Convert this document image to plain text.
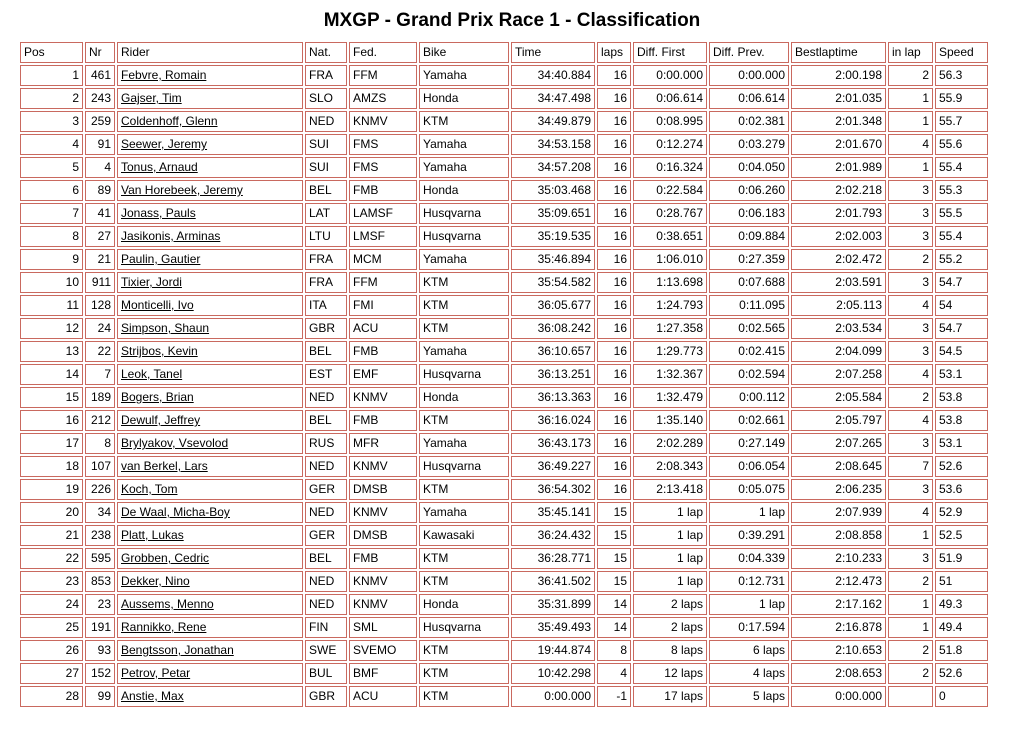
MXGP - Grand Prix Race 1 - Classification
Pos	Nr	Rider	Nat.	Fed.	Bike	Time	laps	Diff. First	Diff. Prev.	Bestlaptime	in lap	Speed
1	461	Febvre, Romain	FRA	FFM	Yamaha	34:40.884	16	0:00.000	0:00.000	2:00.198	2	56.3
2	243	Gajser, Tim	SLO	AMZS	Honda	34:47.498	16	0:06.614	0:06.614	2:01.035	1	55.9
3	259	Coldenhoff, Glenn	NED	KNMV	KTM	34:49.879	16	0:08.995	0:02.381	2:01.348	1	55.7
4	91	Seewer, Jeremy	SUI	FMS	Yamaha	34:53.158	16	0:12.274	0:03.279	2:01.670	4	55.6
5	4	Tonus, Arnaud	SUI	FMS	Yamaha	34:57.208	16	0:16.324	0:04.050	2:01.989	1	55.4
6	89	Van Horebeek, Jeremy	BEL	FMB	Honda	35:03.468	16	0:22.584	0:06.260	2:02.218	3	55.3
7	41	Jonass, Pauls	LAT	LAMSF	Husqvarna	35:09.651	16	0:28.767	0:06.183	2:01.793	3	55.5
8	27	Jasikonis, Arminas	LTU	LMSF	Husqvarna	35:19.535	16	0:38.651	0:09.884	2:02.003	3	55.4
9	21	Paulin, Gautier	FRA	MCM	Yamaha	35:46.894	16	1:06.010	0:27.359	2:02.472	2	55.2
10	911	Tixier, Jordi	FRA	FFM	KTM	35:54.582	16	1:13.698	0:07.688	2:03.591	3	54.7
11	128	Monticelli, Ivo	ITA	FMI	KTM	36:05.677	16	1:24.793	0:11.095	2:05.113	4	54
12	24	Simpson, Shaun	GBR	ACU	KTM	36:08.242	16	1:27.358	0:02.565	2:03.534	3	54.7
13	22	Strijbos, Kevin	BEL	FMB	Yamaha	36:10.657	16	1:29.773	0:02.415	2:04.099	3	54.5
14	7	Leok, Tanel	EST	EMF	Husqvarna	36:13.251	16	1:32.367	0:02.594	2:07.258	4	53.1
15	189	Bogers, Brian	NED	KNMV	Honda	36:13.363	16	1:32.479	0:00.112	2:05.584	2	53.8
16	212	Dewulf, Jeffrey	BEL	FMB	KTM	36:16.024	16	1:35.140	0:02.661	2:05.797	4	53.8
17	8	Brylyakov, Vsevolod	RUS	MFR	Yamaha	36:43.173	16	2:02.289	0:27.149	2:07.265	3	53.1
18	107	van Berkel, Lars	NED	KNMV	Husqvarna	36:49.227	16	2:08.343	0:06.054	2:08.645	7	52.6
19	226	Koch, Tom	GER	DMSB	KTM	36:54.302	16	2:13.418	0:05.075	2:06.235	3	53.6
20	34	De Waal, Micha-Boy	NED	KNMV	Yamaha	35:45.141	15	1 lap	1 lap	2:07.939	4	52.9
21	238	Platt, Lukas	GER	DMSB	Kawasaki	36:24.432	15	1 lap	0:39.291	2:08.858	1	52.5
22	595	Grobben, Cedric	BEL	FMB	KTM	36:28.771	15	1 lap	0:04.339	2:10.233	3	51.9
23	853	Dekker, Nino	NED	KNMV	KTM	36:41.502	15	1 lap	0:12.731	2:12.473	2	51
24	23	Aussems, Menno	NED	KNMV	Honda	35:31.899	14	2 laps	1 lap	2:17.162	1	49.3
25	191	Rannikko, Rene	FIN	SML	Husqvarna	35:49.493	14	2 laps	0:17.594	2:16.878	1	49.4
26	93	Bengtsson, Jonathan	SWE	SVEMO	KTM	19:44.874	8	8 laps	6 laps	2:10.653	2	51.8
27	152	Petrov, Petar	BUL	BMF	KTM	10:42.298	4	12 laps	4 laps	2:08.653	2	52.6
28	99	Anstie, Max	GBR	ACU	KTM	0:00.000	-1	17 laps	5 laps	0:00.000		0
